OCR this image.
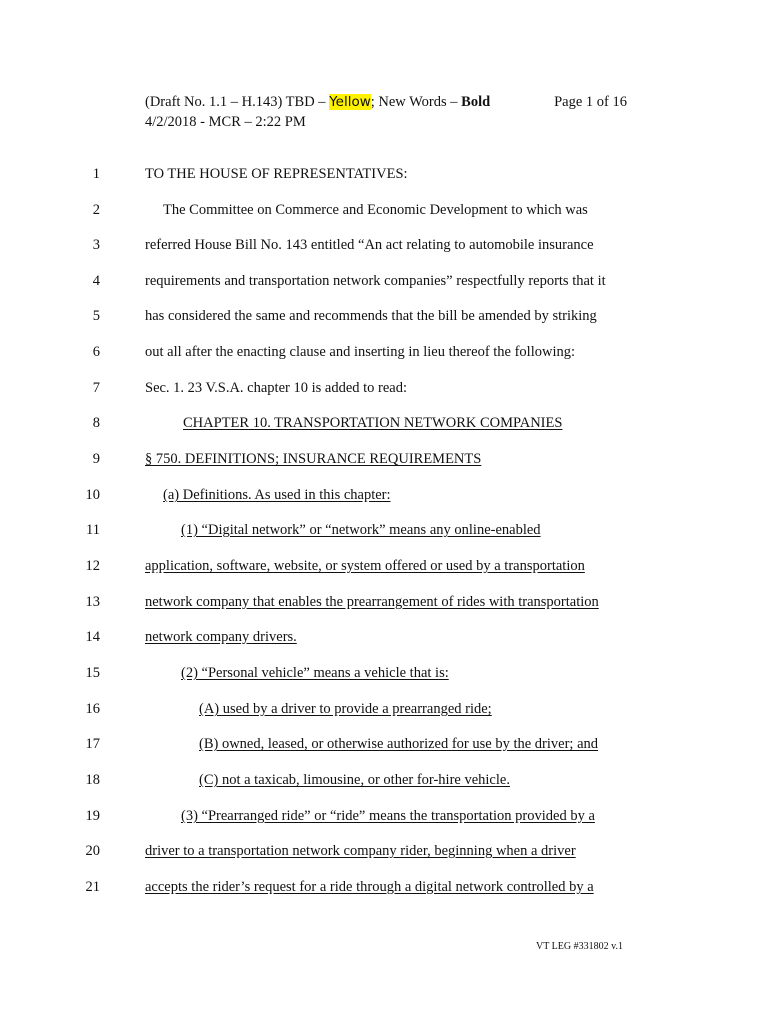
(Draft No. 1.1 – H.143) TBD – Yellow; New Words – Bold	Page 1 of 16
4/2/2018 - MCR – 2:22 PM
1	TO THE HOUSE OF REPRESENTATIVES:
2	The Committee on Commerce and Economic Development to which was
3	referred House Bill No. 143 entitled “An act relating to automobile insurance
4	requirements and transportation network companies” respectfully reports that it
5	has considered the same and recommends that the bill be amended by striking
6	out all after the enacting clause and inserting in lieu thereof the following:
7	Sec. 1. 23 V.S.A. chapter 10 is added to read:
8	CHAPTER 10. TRANSPORTATION NETWORK COMPANIES
9	§ 750. DEFINITIONS; INSURANCE REQUIREMENTS
10	(a) Definitions. As used in this chapter:
11	(1) “Digital network” or “network” means any online-enabled
12	application, software, website, or system offered or used by a transportation
13	network company that enables the prearrangement of rides with transportation
14	network company drivers.
15	(2) “Personal vehicle” means a vehicle that is:
16	(A) used by a driver to provide a prearranged ride;
17	(B) owned, leased, or otherwise authorized for use by the driver; and
18	(C) not a taxicab, limousine, or other for-hire vehicle.
19	(3) “Prearranged ride” or “ride” means the transportation provided by a
20	driver to a transportation network company rider, beginning when a driver
21	accepts the rider’s request for a ride through a digital network controlled by a
VT LEG #331802 v.1
